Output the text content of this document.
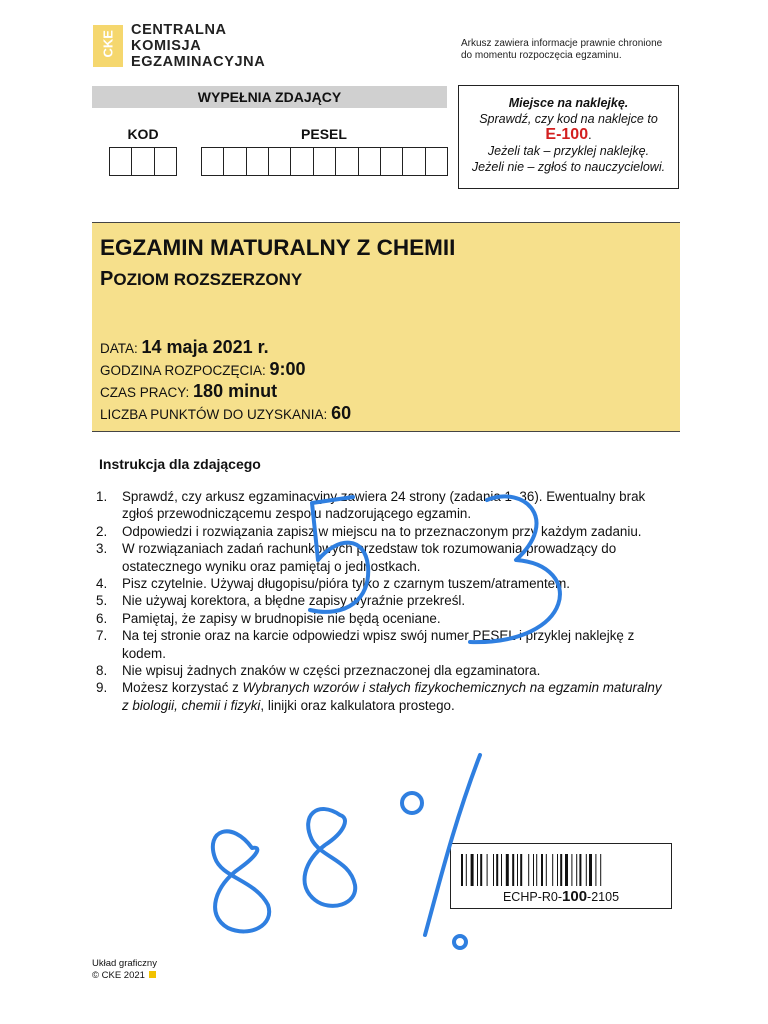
CKE
CENTRALNA
KOMISJA
EGZAMINACYJNA
Arkusz zawiera informacje prawnie chronione
do momentu rozpoczęcia egzaminu.
WYPEŁNIA ZDAJĄCY
KOD	PESEL
Miejsce na naklejkę.
Sprawdź, czy kod na naklejce to
E-100.
Jeżeli tak – przyklej naklejkę.
Jeżeli nie – zgłoś to nauczycielowi.
EGZAMIN MATURALNY Z CHEMII
POZIOM ROZSZERZONY
DATA: 14 maja 2021 r.
GODZINA ROZPOCZĘCIA: 9:00
CZAS PRACY: 180 minut
LICZBA PUNKTÓW DO UZYSKANIA: 60
Instrukcja dla zdającego
1. Sprawdź, czy arkusz egzaminacyjny zawiera 24 strony (zadania 1–36). Ewentualny brak zgłoś przewodniczącemu zespołu nadzorującego egzamin.
2. Odpowiedzi i rozwiązania zapisz w miejscu na to przeznaczonym przy każdym zadaniu.
3. W rozwiązaniach zadań rachunkowych przedstaw tok rozumowania prowadzący do ostatecznego wyniku oraz pamiętaj o jednostkach.
4. Pisz czytelnie. Używaj długopisu/pióra tylko z czarnym tuszem/atramentem.
5. Nie używaj korektora, a błędne zapisy wyraźnie przekreśl.
6. Pamiętaj, że zapisy w brudnopisie nie będą oceniane.
7. Na tej stronie oraz na karcie odpowiedzi wpisz swój numer PESEL i przyklej naklejkę z kodem.
8. Nie wpisuj żadnych znaków w części przeznaczonej dla egzaminatora.
9. Możesz korzystać z Wybranych wzorów i stałych fizykochemicznych na egzamin maturalny z biologii, chemii i fizyki, linijki oraz kalkulatora prostego.
ECHP-R0-100-2105
Układ graficzny
© CKE 2021
